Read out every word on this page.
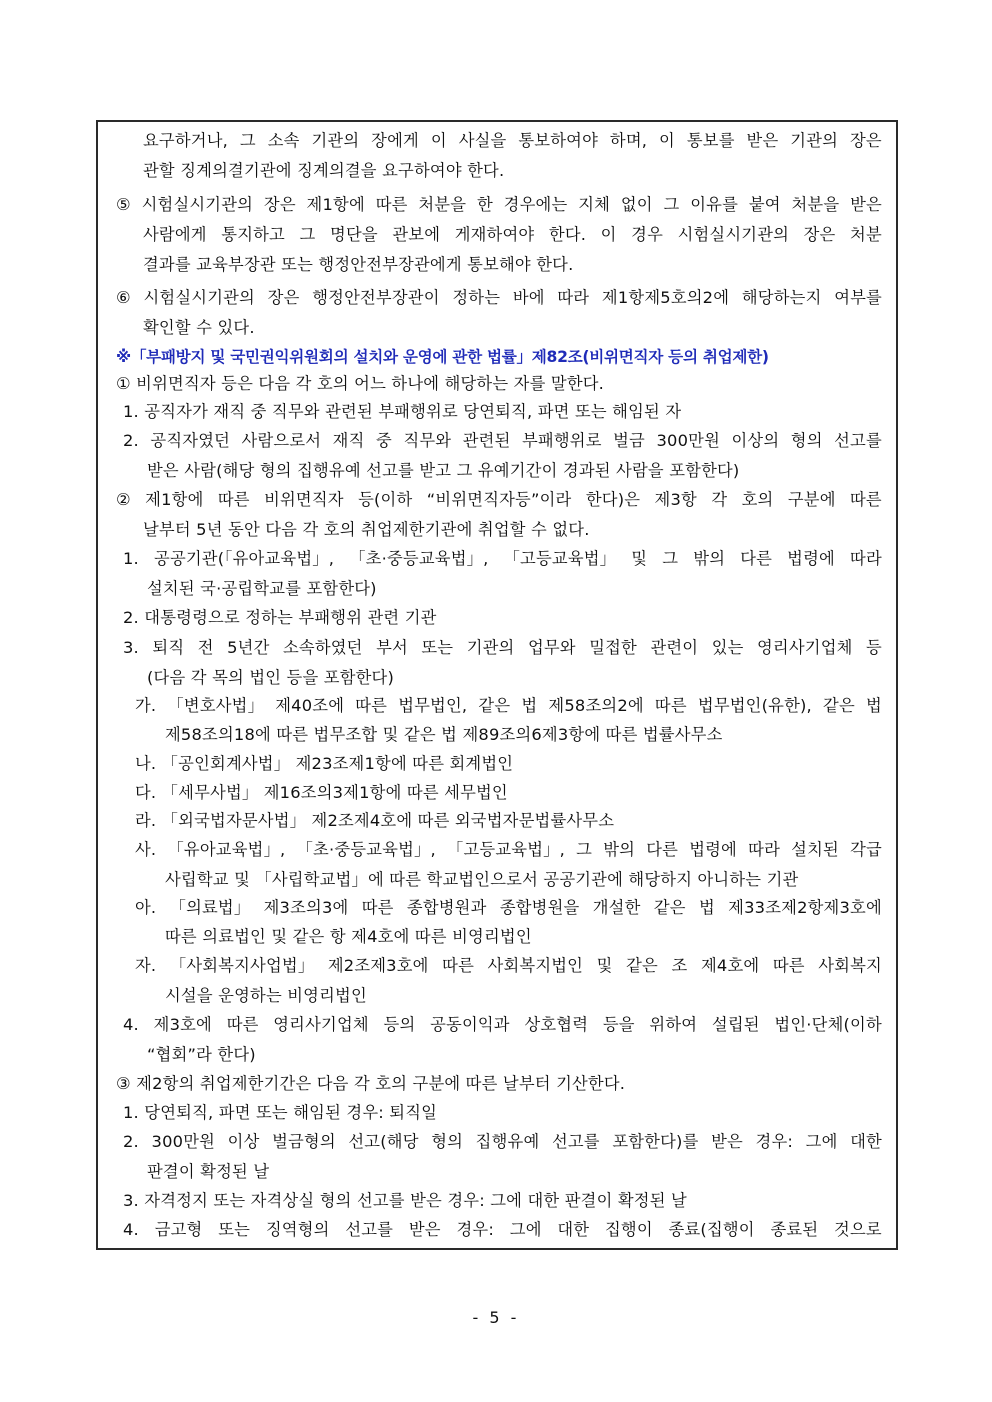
요구하거나, 그 소속 기관의 장에게 이 사실을 통보하여야 하며, 이 통보를 받은 기관의 장은
관할 징계의결기관에 징계의결을 요구하여야 한다.
⑤ 시험실시기관의 장은 제1항에 따른 처분을 한 경우에는 지체 없이 그 이유를 붙여 처분을 받은
사람에게 통지하고 그 명단을 관보에 게재하여야 한다. 이 경우 시험실시기관의 장은 처분
결과를 교육부장관 또는 행정안전부장관에게 통보해야 한다.
⑥ 시험실시기관의 장은 행정안전부장관이 정하는 바에 따라 제1항제5호의2에 해당하는지 여부를
확인할 수 있다.
※「부패방지 및 국민권익위원회의 설치와 운영에 관한 법률」제82조(비위면직자 등의 취업제한)
① 비위면직자 등은 다음 각 호의 어느 하나에 해당하는 자를 말한다.
1. 공직자가 재직 중 직무와 관련된 부패행위로 당연퇴직, 파면 또는 해임된 자
2. 공직자였던 사람으로서 재직 중 직무와 관련된 부패행위로 벌금 300만원 이상의 형의 선고를
받은 사람(해당 형의 집행유예 선고를 받고 그 유예기간이 경과된 사람을 포함한다)
② 제1항에 따른 비위면직자 등(이하 “비위면직자등”이라 한다)은 제3항 각 호의 구분에 따른
날부터 5년 동안 다음 각 호의 취업제한기관에 취업할 수 없다.
1. 공공기관(「유아교육법」, 「초·중등교육법」, 「고등교육법」 및 그 밖의 다른 법령에 따라
설치된 국·공립학교를 포함한다)
2. 대통령령으로 정하는 부패행위 관련 기관
3. 퇴직 전 5년간 소속하였던 부서 또는 기관의 업무와 밀접한 관련이 있는 영리사기업체 등
(다음 각 목의 법인 등을 포함한다)
가. 「변호사법」 제40조에 따른 법무법인, 같은 법 제58조의2에 따른 법무법인(유한), 같은 법
제58조의18에 따른 법무조합 및 같은 법 제89조의6제3항에 따른 법률사무소
나. 「공인회계사법」 제23조제1항에 따른 회계법인
다. 「세무사법」 제16조의3제1항에 따른 세무법인
라. 「외국법자문사법」 제2조제4호에 따른 외국법자문법률사무소
사. 「유아교육법」, 「초·중등교육법」, 「고등교육법」, 그 밖의 다른 법령에 따라 설치된 각급
사립학교 및 「사립학교법」에 따른 학교법인으로서 공공기관에 해당하지 아니하는 기관
아. 「의료법」 제3조의3에 따른 종합병원과 종합병원을 개설한 같은 법 제33조제2항제3호에
따른 의료법인 및 같은 항 제4호에 따른 비영리법인
자. 「사회복지사업법」 제2조제3호에 따른 사회복지법인 및 같은 조 제4호에 따른 사회복지
시설을 운영하는 비영리법인
4. 제3호에 따른 영리사기업체 등의 공동이익과 상호협력 등을 위하여 설립된 법인·단체(이하
“협회”라 한다)
③ 제2항의 취업제한기간은 다음 각 호의 구분에 따른 날부터 기산한다.
1. 당연퇴직, 파면 또는 해임된 경우: 퇴직일
2. 300만원 이상 벌금형의 선고(해당 형의 집행유예 선고를 포함한다)를 받은 경우: 그에 대한
판결이 확정된 날
3. 자격정지 또는 자격상실 형의 선고를 받은 경우: 그에 대한 판결이 확정된 날
4. 금고형 또는 징역형의 선고를 받은 경우: 그에 대한 집행이 종료(집행이 종료된 것으로
- 5 -
